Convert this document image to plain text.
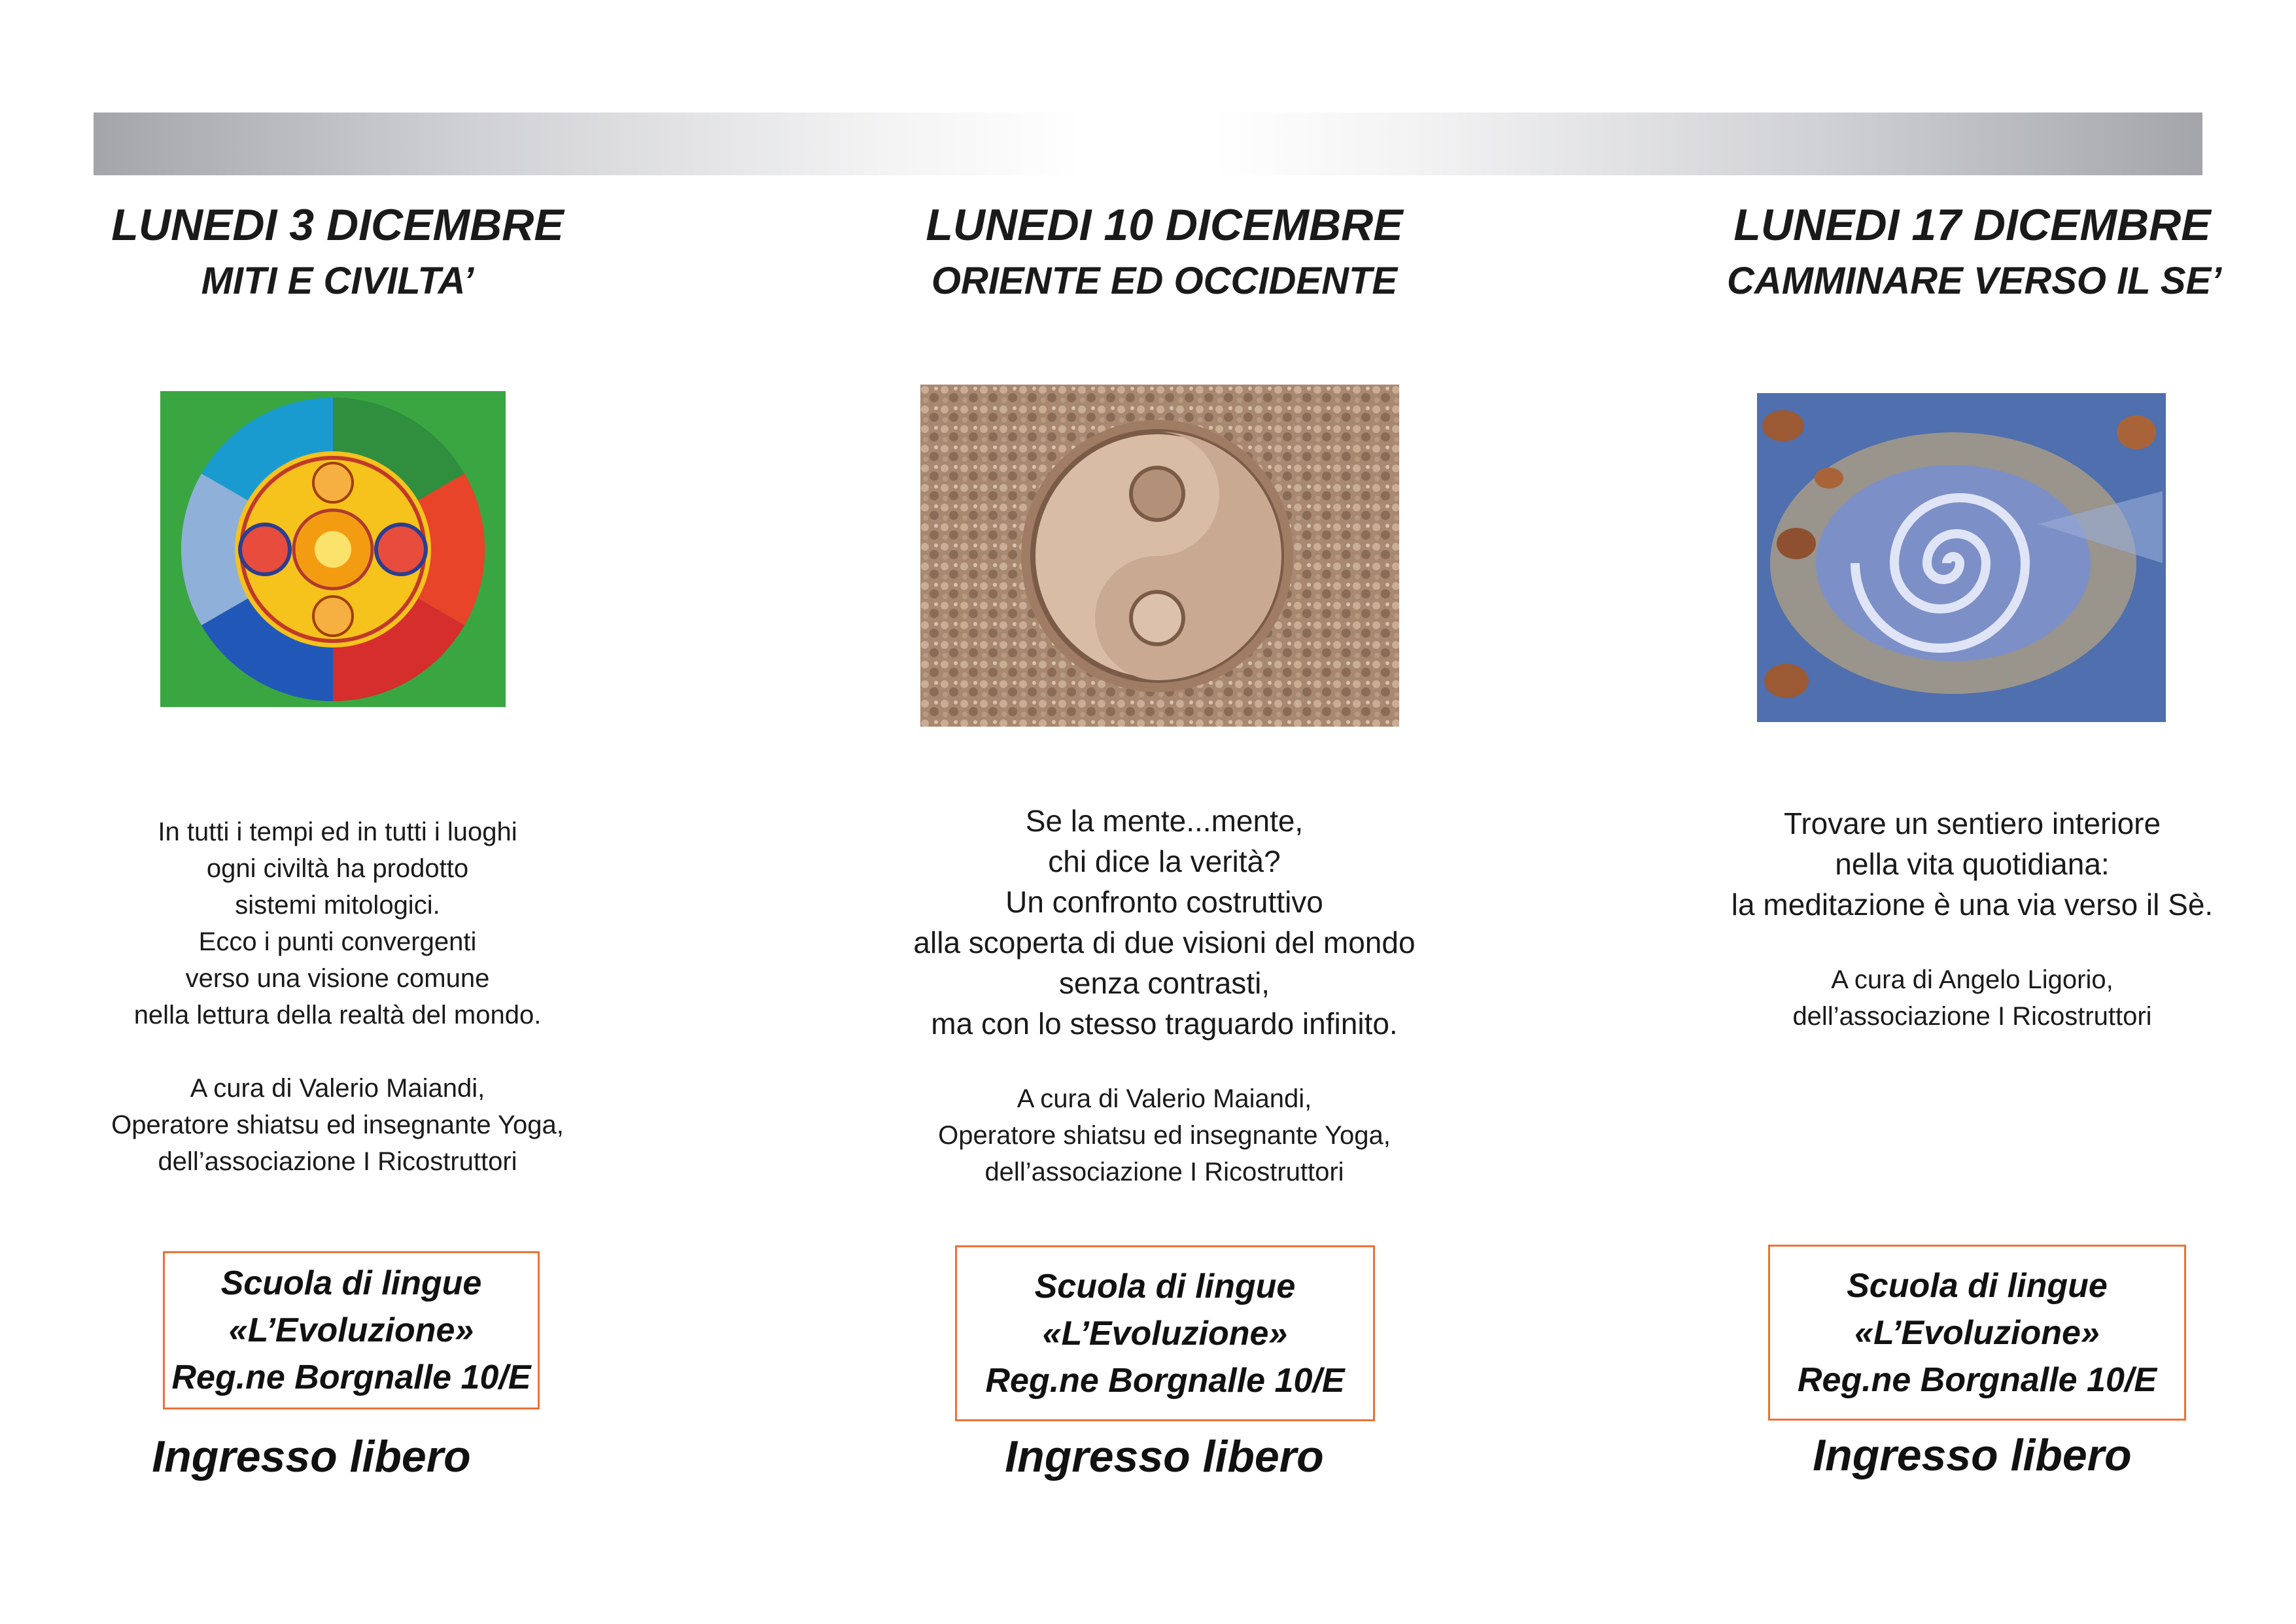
LUNEDI 3 DICEMBRE
MITI E CIVILTA’
In tutti i tempi ed in tutti i luoghi
ogni civiltà ha prodotto
sistemi mitologici.
Ecco i punti convergenti
verso una visione comune
nella lettura della realtà del mondo.
A cura di Valerio Maiandi,
Operatore shiatsu ed insegnante Yoga,
dell’associazione I Ricostruttori
Scuola di lingue
«L’Evoluzione»
Reg.ne Borgnalle 10/E
Ingresso libero
LUNEDI 10 DICEMBRE
ORIENTE ED OCCIDENTE
Se la mente...mente,
chi dice la verità?
Un confronto costruttivo
alla scoperta di due visioni del mondo
senza contrasti,
ma con lo stesso traguardo infinito.
A cura di Valerio Maiandi,
Operatore shiatsu ed insegnante Yoga,
dell’associazione I Ricostruttori
Scuola di lingue
«L’Evoluzione»
Reg.ne Borgnalle 10/E
Ingresso libero
LUNEDI 17 DICEMBRE
CAMMINARE VERSO IL SE’
Trovare un sentiero interiore
nella vita quotidiana:
la meditazione è una via verso il Sè.
A cura di Angelo Ligorio,
dell’associazione I Ricostruttori
Scuola di lingue
«L’Evoluzione»
Reg.ne Borgnalle 10/E
Ingresso libero
